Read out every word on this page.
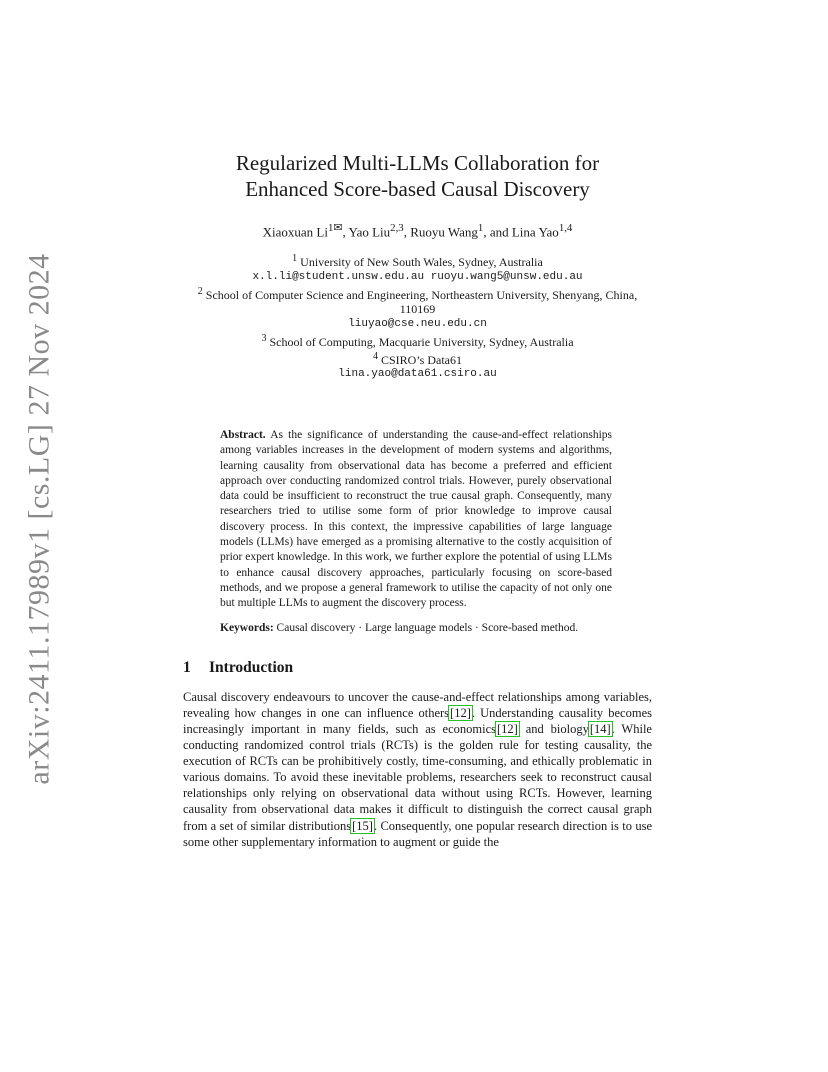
arXiv:2411.17989v1 [cs.LG] 27 Nov 2024
Regularized Multi-LLMs Collaboration for
Enhanced Score-based Causal Discovery
Xiaoxuan $Li^{1✉}$, Yao Liu$^{2,3}$, Ruoyu Wang$^1$, and Lina Yao$^{1,4}$
$^1$ University of New South Wales, Sydney, Australia
x.l.li@student.unsw.edu.au ruoyu.wang5@unsw.edu.au
$^2$ School of Computer Science and Engineering, Northeastern University, Shenyang, China, 110169
liuyao@cse.neu.edu.cn
$^3$ School of Computing, Macquarie University, Sydney, Australia
$^4$ CSIRO’s Data61
lina.yao@data61.csiro.au
Abstract. As the significance of understanding the cause-and-effect relationships among variables increases in the development of modern systems and algorithms, learning causality from observational data has become a preferred and efficient approach over conducting randomized control trials. However, purely observational data could be insufficient to reconstruct the true causal graph. Consequently, many researchers tried to utilise some form of prior knowledge to improve causal discovery process. In this context, the impressive capabilities of large language models (LLMs) have emerged as a promising alternative to the costly acquisition of prior expert knowledge. In this work, we further explore the potential of using LLMs to enhance causal discovery approaches, particularly focusing on score-based methods, and we propose a general framework to utilise the capacity of not only one but multiple LLMs to augment the discovery process.
Keywords: Causal discovery · Large language models · Score-based method.
1 Introduction
Causal discovery endeavours to uncover the cause-and-effect relationships among variables, revealing how changes in one can influence others[12]. Understanding causality becomes increasingly important in many fields, such as economics[12] and biology[14]. While conducting randomized control trials (RCTs) is the golden rule for testing causality, the execution of RCTs can be prohibitively costly, time-consuming, and ethically problematic in various domains. To avoid these inevitable problems, researchers seek to reconstruct causal relationships only relying on observational data without using RCTs. However, learning causality from observational data makes it difficult to distinguish the correct causal graph from a set of similar distributions[15]. Consequently, one popular research direction is to use some other supplementary information to augment or guide the
